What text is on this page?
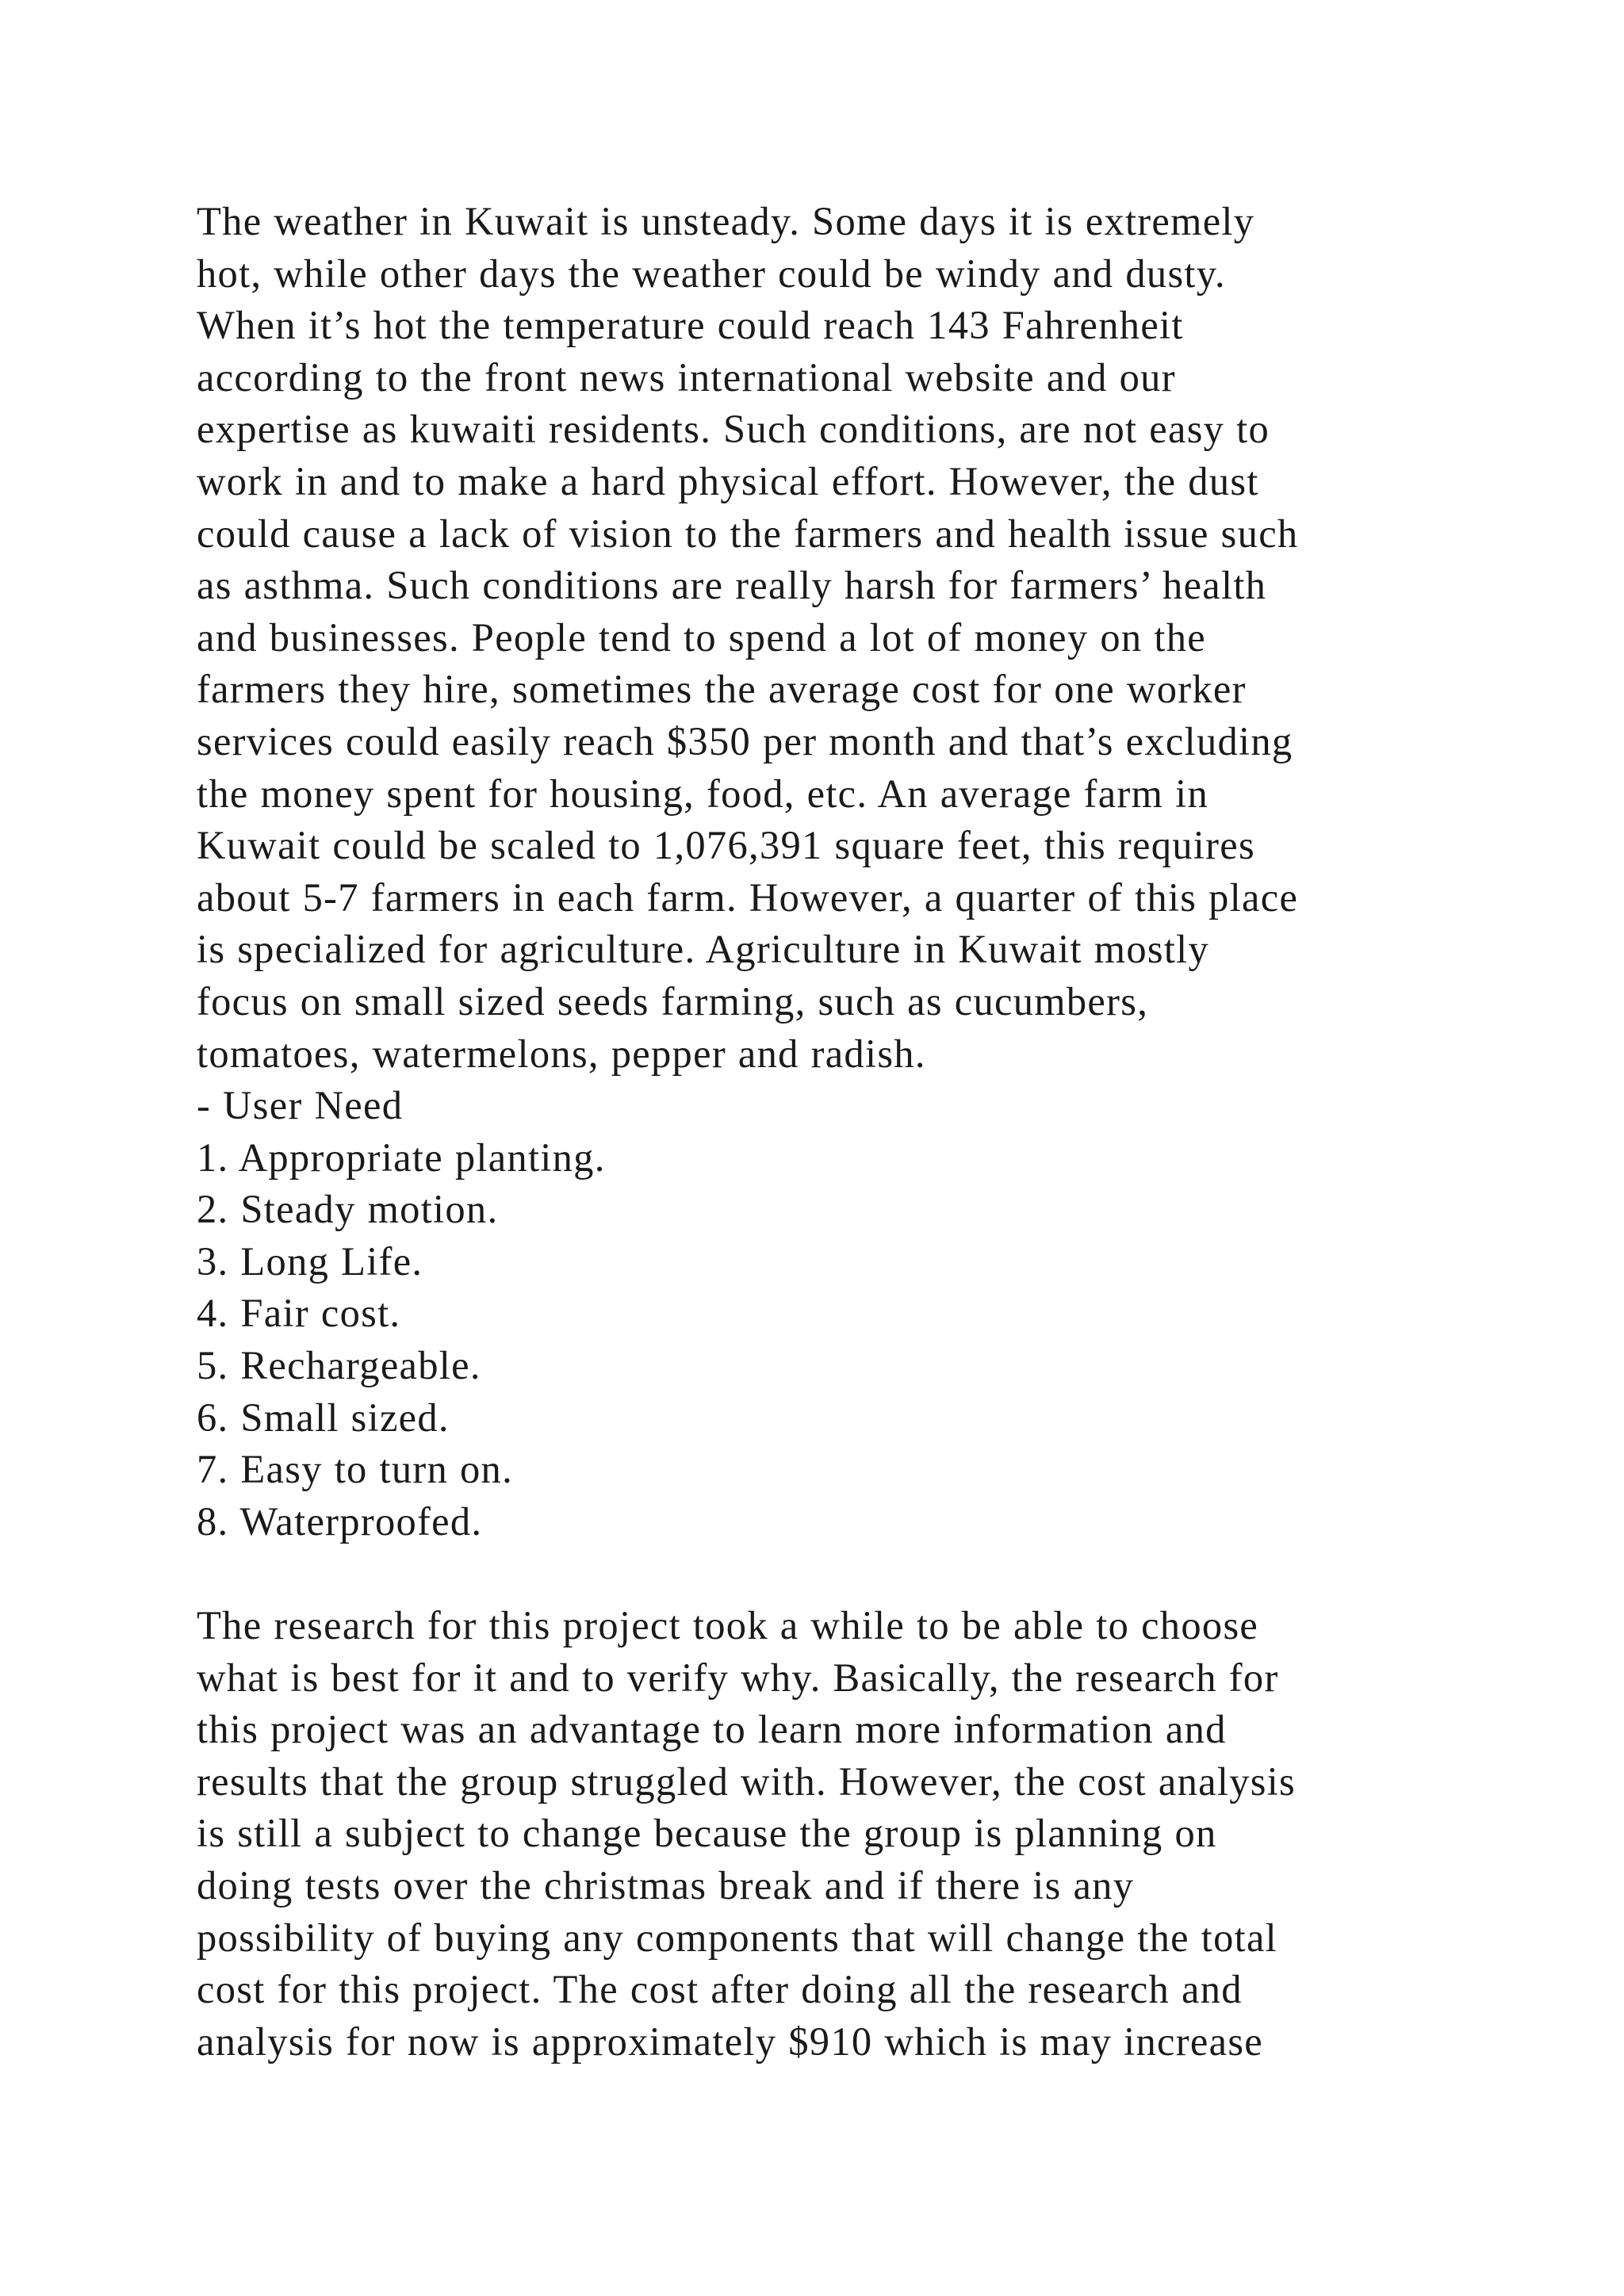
The weather in Kuwait is unsteady. Some days it is extremely
hot, while other days the weather could be windy and dusty.
When it’s hot the temperature could reach 143 Fahrenheit
according to the front news international website and our
expertise as kuwaiti residents. Such conditions, are not easy to
work in and to make a hard physical effort. However, the dust
could cause a lack of vision to the farmers and health issue such
as asthma. Such conditions are really harsh for farmers’ health
and businesses. People tend to spend a lot of money on the
farmers they hire, sometimes the average cost for one worker
services could easily reach $350 per month and that’s excluding
the money spent for housing, food, etc. An average farm in
Kuwait could be scaled to 1,076,391 square feet, this requires
about 5-7 farmers in each farm. However, a quarter of this place
is specialized for agriculture. Agriculture in Kuwait mostly
focus on small sized seeds farming, such as cucumbers,
tomatoes, watermelons, pepper and radish.
- User Need
1. Appropriate planting.
2. Steady motion.
3. Long Life.
4. Fair cost.
5. Rechargeable.
6. Small sized.
7. Easy to turn on.
8. Waterproofed.
The research for this project took a while to be able to choose
what is best for it and to verify why. Basically, the research for
this project was an advantage to learn more information and
results that the group struggled with. However, the cost analysis
is still a subject to change because the group is planning on
doing tests over the christmas break and if there is any
possibility of buying any components that will change the total
cost for this project. The cost after doing all the research and
analysis for now is approximately $910 which is may increase
